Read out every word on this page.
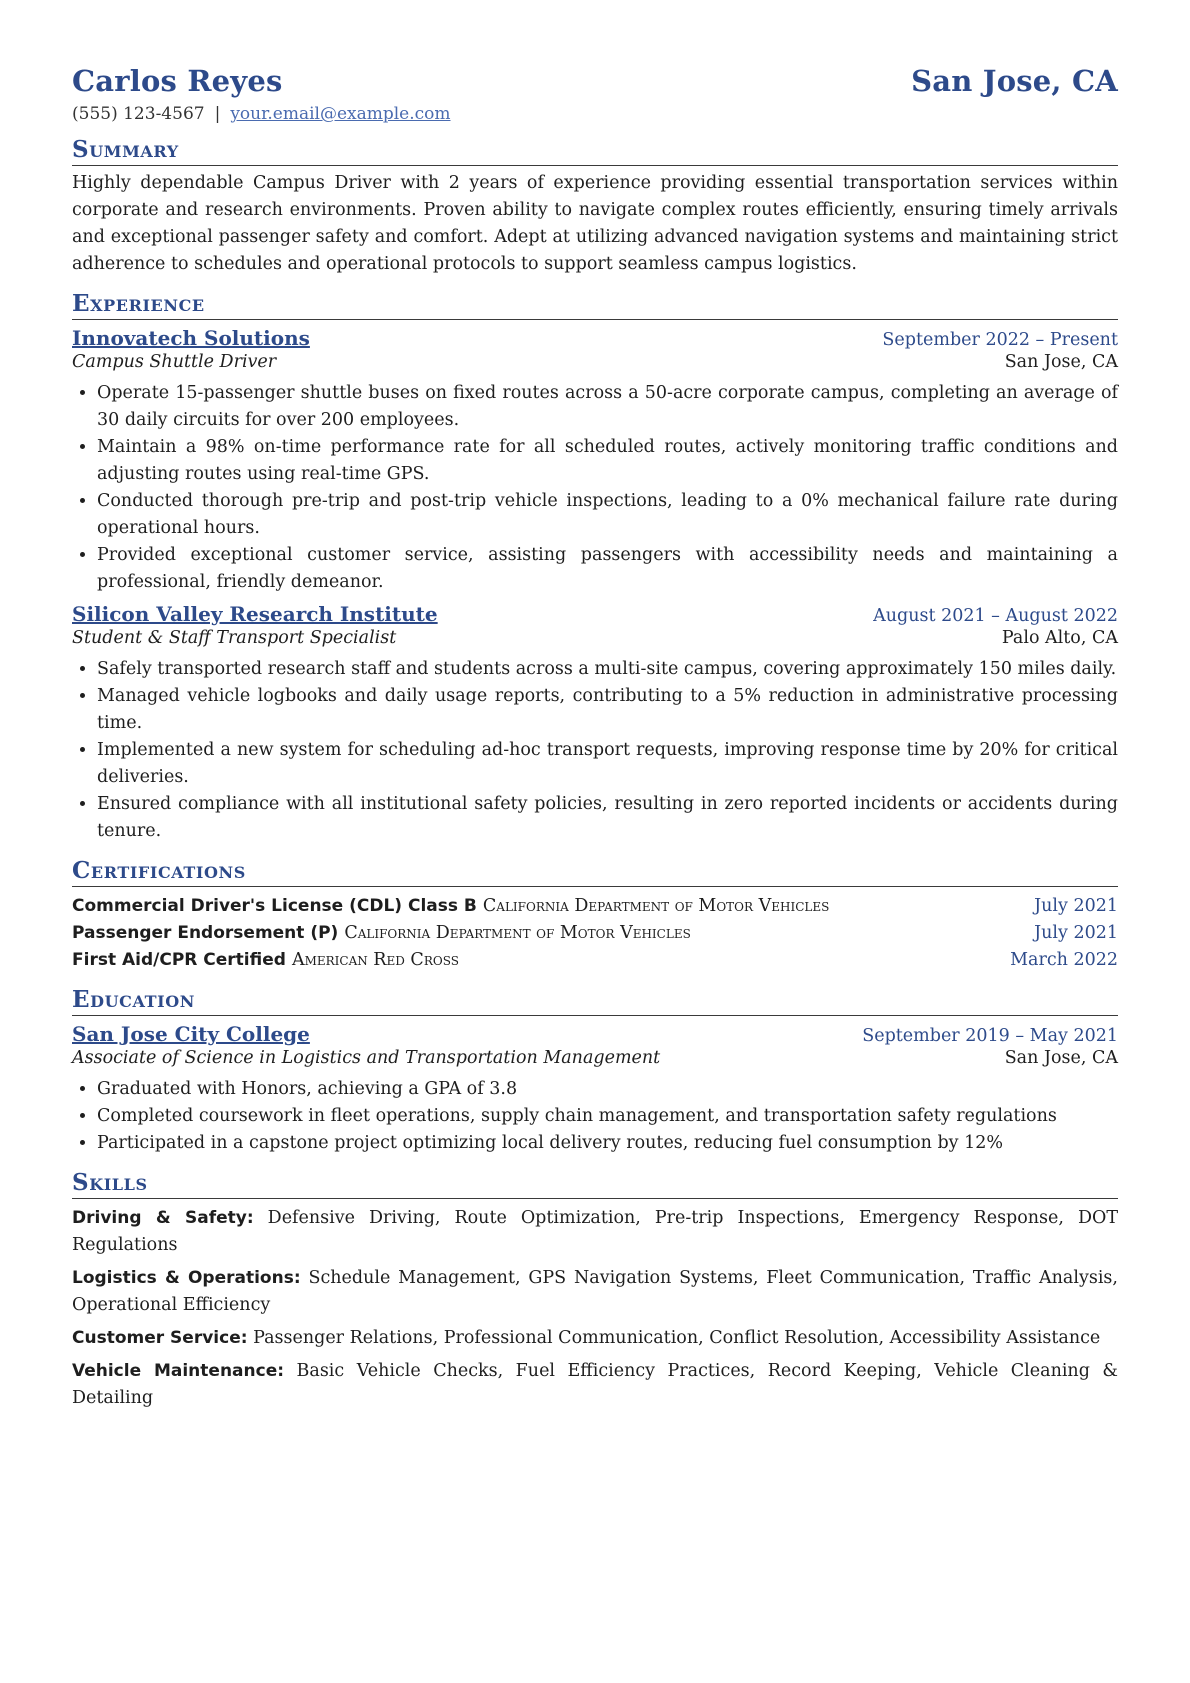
Carlos Reyes	San Jose, CA
(555) 123-4567 | your.email@example.com
Summary
Highly dependable Campus Driver with 2 years of experience providing essential transportation services within corporate and research environments. Proven ability to navigate complex routes efficiently, ensuring timely arrivals and exceptional passenger safety and comfort. Adept at utilizing advanced navigation systems and maintaining strict adherence to schedules and operational protocols to support seamless campus logistics.
Experience
Innovatech Solutions	September 2022 – Present
Campus Shuttle Driver	San Jose, CA
• Operate 15-passenger shuttle buses on fixed routes across a 50-acre corporate campus, completing an average of 30 daily circuits for over 200 employees.
• Maintain a 98% on-time performance rate for all scheduled routes, actively monitoring traffic conditions and adjusting routes using real-time GPS.
• Conducted thorough pre-trip and post-trip vehicle inspections, leading to a 0% mechanical failure rate during operational hours.
• Provided exceptional customer service, assisting passengers with accessibility needs and maintaining a professional, friendly demeanor.
Silicon Valley Research Institute	August 2021 – August 2022
Student & Staff Transport Specialist	Palo Alto, CA
• Safely transported research staff and students across a multi-site campus, covering approximately 150 miles daily.
• Managed vehicle logbooks and daily usage reports, contributing to a 5% reduction in administrative processing time.
• Implemented a new system for scheduling ad-hoc transport requests, improving response time by 20% for critical deliveries.
• Ensured compliance with all institutional safety policies, resulting in zero reported incidents or accidents during tenure.
Certifications
Commercial Driver's License (CDL) Class B California Department of Motor Vehicles	July 2021
Passenger Endorsement (P) California Department of Motor Vehicles	July 2021
First Aid/CPR Certified American Red Cross	March 2022
Education
San Jose City College	September 2019 – May 2021
Associate of Science in Logistics and Transportation Management	San Jose, CA
• Graduated with Honors, achieving a GPA of 3.8
• Completed coursework in fleet operations, supply chain management, and transportation safety regulations
• Participated in a capstone project optimizing local delivery routes, reducing fuel consumption by 12%
Skills
Driving & Safety: Defensive Driving, Route Optimization, Pre-trip Inspections, Emergency Response, DOT Regulations
Logistics & Operations: Schedule Management, GPS Navigation Systems, Fleet Communication, Traffic Analysis, Operational Efficiency
Customer Service: Passenger Relations, Professional Communication, Conflict Resolution, Accessibility Assistance
Vehicle Maintenance: Basic Vehicle Checks, Fuel Efficiency Practices, Record Keeping, Vehicle Cleaning & Detailing
